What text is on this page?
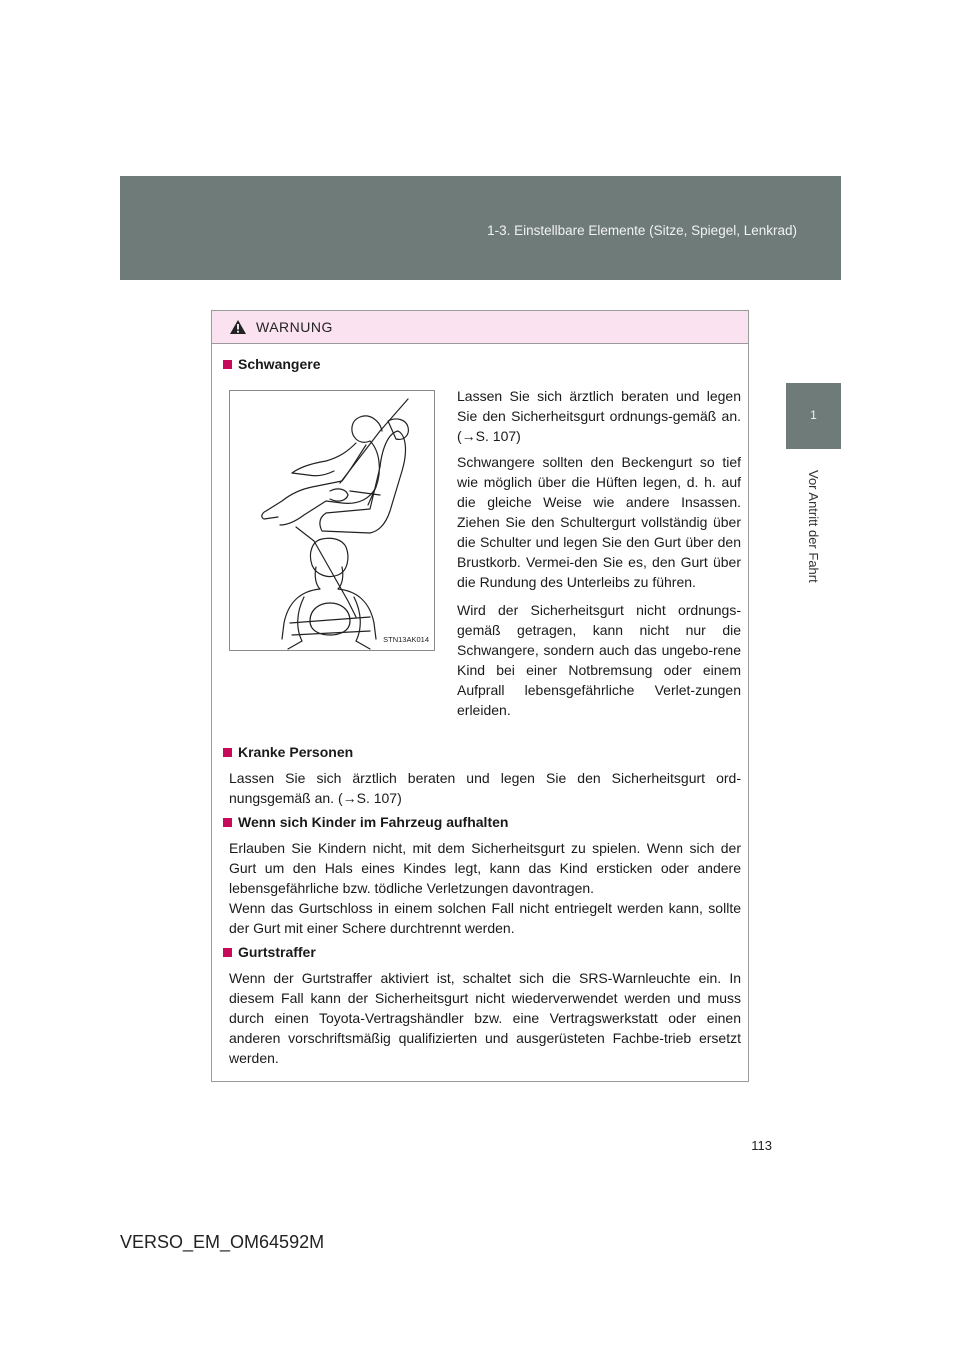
1-3. Einstellbare Elemente (Sitze, Spiegel, Lenkrad)
1
Vor Antritt der Fahrt
WARNUNG
Schwangere
STN13AK014
Lassen Sie sich ärztlich beraten und legen Sie den Sicherheitsgurt ordnungs-gemäß an. (→S. 107)
Schwangere sollten den Beckengurt so tief wie möglich über die Hüften legen, d. h. auf die gleiche Weise wie andere Insassen. Ziehen Sie den Schultergurt vollständig über die Schulter und legen Sie den Gurt über den Brustkorb. Vermei-den Sie es, den Gurt über die Rundung des Unterleibs zu führen.
Wird der Sicherheitsgurt nicht ordnungs-gemäß getragen, kann nicht nur die Schwangere, sondern auch das ungebo-rene Kind bei einer Notbremsung oder einem Aufprall lebensgefährliche Verlet-zungen erleiden.
Kranke Personen
Lassen Sie sich ärztlich beraten und legen Sie den Sicherheitsgurt ord-nungsgemäß an. (→S. 107)
Wenn sich Kinder im Fahrzeug aufhalten
Erlauben Sie Kindern nicht, mit dem Sicherheitsgurt zu spielen. Wenn sich der Gurt um den Hals eines Kindes legt, kann das Kind ersticken oder andere lebensgefährliche bzw. tödliche Verletzungen davontragen.
Wenn das Gurtschloss in einem solchen Fall nicht entriegelt werden kann, sollte der Gurt mit einer Schere durchtrennt werden.
Gurtstraffer
Wenn der Gurtstraffer aktiviert ist, schaltet sich die SRS-Warnleuchte ein. In diesem Fall kann der Sicherheitsgurt nicht wiederverwendet werden und muss durch einen Toyota-Vertragshändler bzw. eine Vertragswerkstatt oder einen anderen vorschriftsmäßig qualifizierten und ausgerüsteten Fachbe-trieb ersetzt werden.
113
VERSO_EM_OM64592M
